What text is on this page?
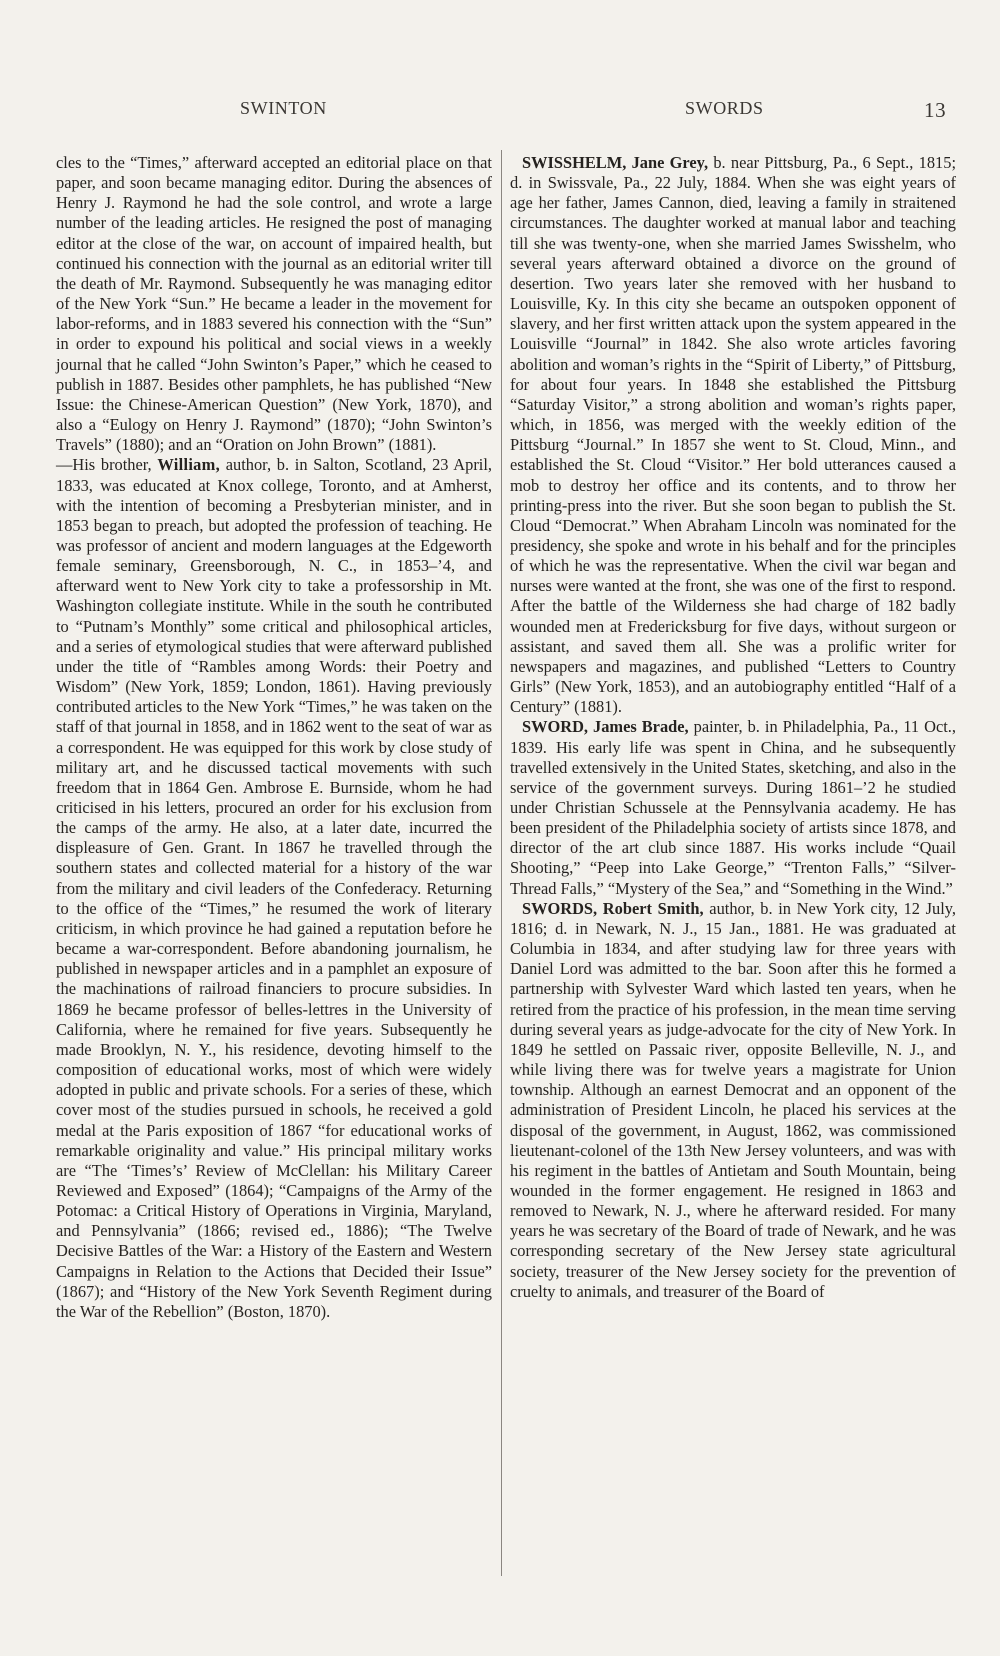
SWINTON	SWORDS	13

cles to the “Times,” afterward accepted an editorial place on that paper, and soon became managing editor. During the absences of Henry J. Raymond he had the sole control, and wrote a large number of the leading articles. He resigned the post of managing editor at the close of the war, on account of impaired health, but continued his connection with the journal as an editorial writer till the death of Mr. Raymond. Subsequently he was managing editor of the New York “Sun.” He became a leader in the movement for labor-reforms, and in 1883 severed his connection with the “Sun” in order to expound his political and social views in a weekly journal that he called “John Swinton’s Paper,” which he ceased to publish in 1887. Besides other pamphlets, he has published “New Issue: the Chinese-American Question” (New York, 1870), and also a “Eulogy on Henry J. Raymond” (1870); “John Swinton’s Travels” (1880); and an “Oration on John Brown” (1881).

—His brother, William, author, b. in Salton, Scotland, 23 April, 1833, was educated at Knox college, Toronto, and at Amherst, with the intention of becoming a Presbyterian minister, and in 1853 began to preach, but adopted the profession of teaching. He was professor of ancient and modern languages at the Edgeworth female seminary, Greensborough, N. C., in 1853–’4, and afterward went to New York city to take a professorship in Mt. Washington collegiate institute. While in the south he contributed to “Putnam’s Monthly” some critical and philosophical articles, and a series of etymological studies that were afterward published under the title of “Rambles among Words: their Poetry and Wisdom” (New York, 1859; London, 1861). Having previously contributed articles to the New York “Times,” he was taken on the staff of that journal in 1858, and in 1862 went to the seat of war as a correspondent. He was equipped for this work by close study of military art, and he discussed tactical movements with such freedom that in 1864 Gen. Ambrose E. Burnside, whom he had criticised in his letters, procured an order for his exclusion from the camps of the army. He also, at a later date, incurred the displeasure of Gen. Grant. In 1867 he travelled through the southern states and collected material for a history of the war from the military and civil leaders of the Confederacy. Returning to the office of the “Times,” he resumed the work of literary criticism, in which province he had gained a reputation before he became a war-correspondent. Before abandoning journalism, he published in newspaper articles and in a pamphlet an exposure of the machinations of railroad financiers to procure subsidies. In 1869 he became professor of belles-lettres in the University of California, where he remained for five years. Subsequently he made Brooklyn, N. Y., his residence, devoting himself to the composition of educational works, most of which were widely adopted in public and private schools. For a series of these, which cover most of the studies pursued in schools, he received a gold medal at the Paris exposition of 1867 “for educational works of remarkable originality and value.” His principal military works are “The ‘Times’s’ Review of McClellan: his Military Career Reviewed and Exposed” (1864); “Campaigns of the Army of the Potomac: a Critical History of Operations in Virginia, Maryland, and Pennsylvania” (1866; revised ed., 1886); “The Twelve Decisive Battles of the War: a History of the Eastern and Western Campaigns in Relation to the Actions that Decided their Issue” (1867); and “History of the New York Seventh Regiment during the War of the Rebellion” (Boston, 1870).

SWISSHELM, Jane Grey, b. near Pittsburg, Pa., 6 Sept., 1815; d. in Swissvale, Pa., 22 July, 1884. When she was eight years of age her father, James Cannon, died, leaving a family in straitened circumstances. The daughter worked at manual labor and teaching till she was twenty-one, when she married James Swisshelm, who several years afterward obtained a divorce on the ground of desertion. Two years later she removed with her husband to Louisville, Ky. In this city she became an outspoken opponent of slavery, and her first written attack upon the system appeared in the Louisville “Journal” in 1842. She also wrote articles favoring abolition and woman’s rights in the “Spirit of Liberty,” of Pittsburg, for about four years. In 1848 she established the Pittsburg “Saturday Visitor,” a strong abolition and woman’s rights paper, which, in 1856, was merged with the weekly edition of the Pittsburg “Journal.” In 1857 she went to St. Cloud, Minn., and established the St. Cloud “Visitor.” Her bold utterances caused a mob to destroy her office and its contents, and to throw her printing-press into the river. But she soon began to publish the St. Cloud “Democrat.” When Abraham Lincoln was nominated for the presidency, she spoke and wrote in his behalf and for the principles of which he was the representative. When the civil war began and nurses were wanted at the front, she was one of the first to respond. After the battle of the Wilderness she had charge of 182 badly wounded men at Fredericksburg for five days, without surgeon or assistant, and saved them all. She was a prolific writer for newspapers and magazines, and published “Letters to Country Girls” (New York, 1853), and an autobiography entitled “Half of a Century” (1881).

SWORD, James Brade, painter, b. in Philadelphia, Pa., 11 Oct., 1839. His early life was spent in China, and he subsequently travelled extensively in the United States, sketching, and also in the service of the government surveys. During 1861–’2 he studied under Christian Schussele at the Pennsylvania academy. He has been president of the Philadelphia society of artists since 1878, and director of the art club since 1887. His works include “Quail Shooting,” “Peep into Lake George,” “Trenton Falls,” “Silver-Thread Falls,” “Mystery of the Sea,” and “Something in the Wind.”

SWORDS, Robert Smith, author, b. in New York city, 12 July, 1816; d. in Newark, N. J., 15 Jan., 1881. He was graduated at Columbia in 1834, and after studying law for three years with Daniel Lord was admitted to the bar. Soon after this he formed a partnership with Sylvester Ward which lasted ten years, when he retired from the practice of his profession, in the mean time serving during several years as judge-advocate for the city of New York. In 1849 he settled on Passaic river, opposite Belleville, N. J., and while living there was for twelve years a magistrate for Union township. Although an earnest Democrat and an opponent of the administration of President Lincoln, he placed his services at the disposal of the government, in August, 1862, was commissioned lieutenant-colonel of the 13th New Jersey volunteers, and was with his regiment in the battles of Antietam and South Mountain, being wounded in the former engagement. He resigned in 1863 and removed to Newark, N. J., where he afterward resided. For many years he was secretary of the Board of trade of Newark, and he was corresponding secretary of the New Jersey state agricultural society, treasurer of the New Jersey society for the prevention of cruelty to animals, and treasurer of the Board of
